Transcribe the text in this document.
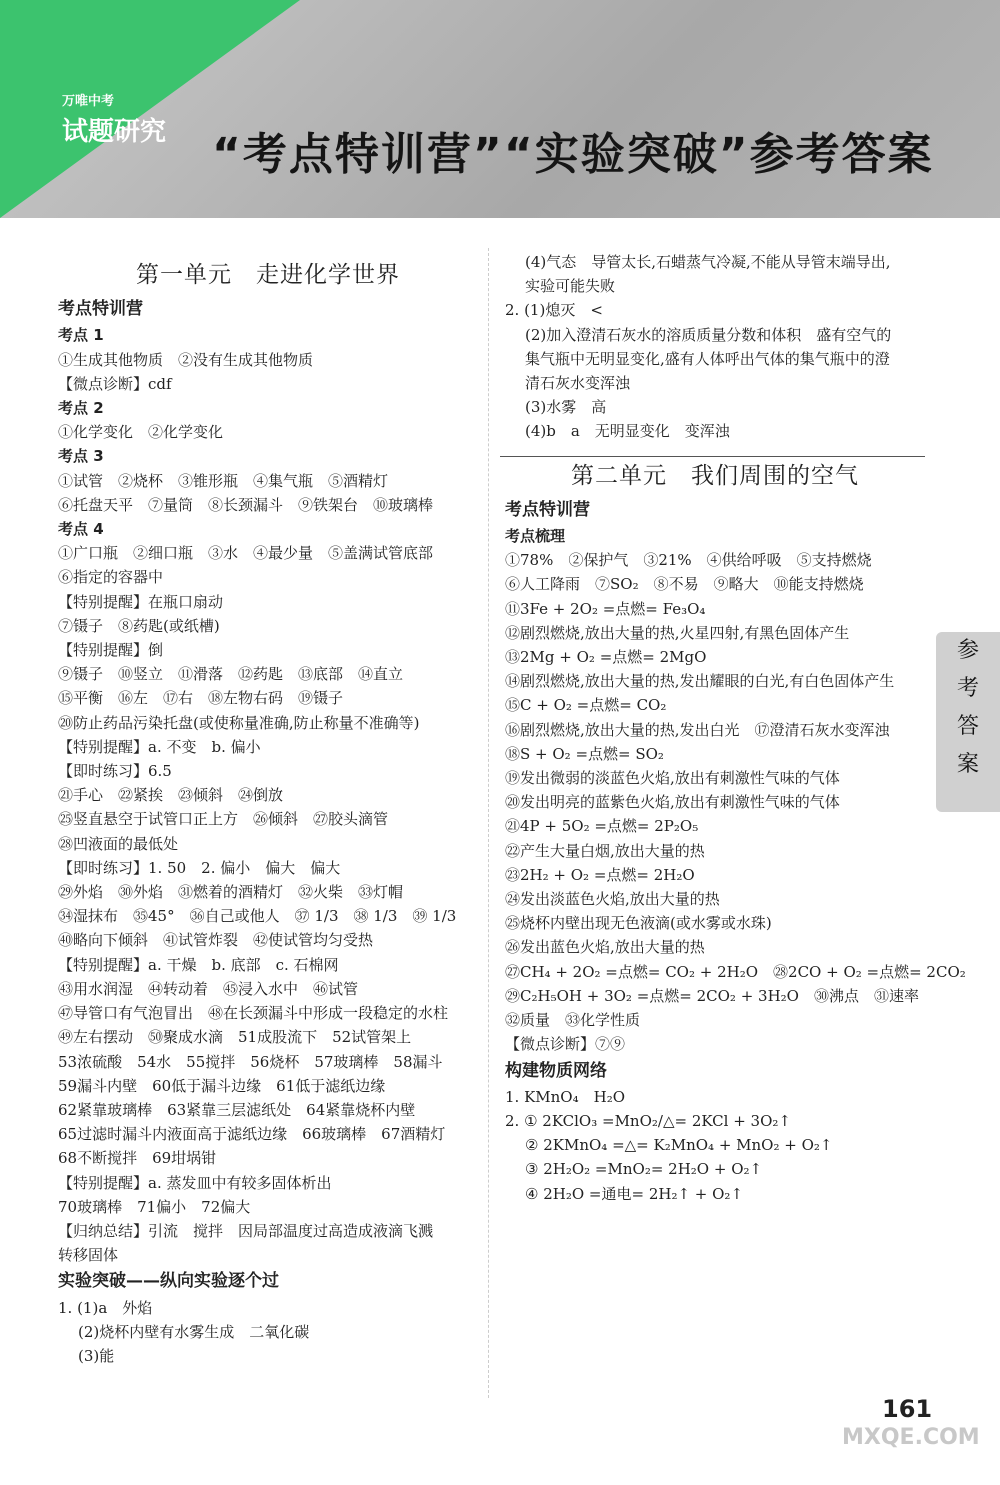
万唯中考
试题研究 “考点特训营”“实验突破”参考答案
第一单元　走进化学世界
考点特训营
考点 1
①生成其他物质　②没有生成其他物质
【微点诊断】cdf
考点 2
①化学变化　②化学变化
考点 3
①试管　②烧杯　③锥形瓶　④集气瓶　⑤酒精灯
⑥托盘天平　⑦量筒　⑧长颈漏斗　⑨铁架台　⑩玻璃棒
考点 4
①广口瓶　②细口瓶　③水　④最少量　⑤盖满试管底部
⑥指定的容器中
【特别提醒】在瓶口扇动
⑦镊子　⑧药匙(或纸槽)
【特别提醒】倒
⑨镊子　⑩竖立　⑪滑落　⑫药匙　⑬底部　⑭直立
⑮平衡　⑯左　⑰右　⑱左物右码　⑲镊子
⑳防止药品污染托盘(或使称量准确,防止称量不准确等)
【特别提醒】a. 不变　b. 偏小
【即时练习】6.5
㉑手心　㉒紧挨　㉓倾斜　㉔倒放
㉕竖直悬空于试管口正上方　㉖倾斜　㉗胶头滴管
㉘凹液面的最低处
【即时练习】1. 50　2. 偏小　偏大　偏大
㉙外焰　㉚外焰　㉛燃着的酒精灯　㉜火柴　㉝灯帽
㉞湿抹布　㉟45°　㊱自己或他人　㊲ 1/3　㊳ 1/3　㊴ 1/3
㊵略向下倾斜　㊶试管炸裂　㊷使试管均匀受热
【特别提醒】a. 干燥　b. 底部　c. 石棉网
㊸用水润湿　㊹转动着　㊺浸入水中　㊻试管
㊼导管口有气泡冒出　㊽在长颈漏斗中形成一段稳定的水柱
㊾左右摆动　㊿聚成水滴　51成股流下　52试管架上
53浓硫酸　54水　55搅拌　56烧杯　57玻璃棒　58漏斗
59漏斗内壁　60低于漏斗边缘　61低于滤纸边缘
62紧靠玻璃棒　63紧靠三层滤纸处　64紧靠烧杯内壁
65过滤时漏斗内液面高于滤纸边缘　66玻璃棒　67酒精灯
68不断搅拌　69坩埚钳
【特别提醒】a. 蒸发皿中有较多固体析出
70玻璃棒　71偏小　72偏大
【归纳总结】引流　搅拌　因局部温度过高造成液滴飞溅
转移固体
实验突破——纵向实验逐个过
1. (1)a　外焰
(2)烧杯内壁有水雾生成　二氧化碳
(3)能
(4)气态　导管太长,石蜡蒸气冷凝,不能从导管末端导出,
实验可能失败
2. (1)熄灭　<
(2)加入澄清石灰水的溶质质量分数和体积　盛有空气的
集气瓶中无明显变化,盛有人体呼出气体的集气瓶中的澄
清石灰水变浑浊
(3)水雾　高
(4)b　a　无明显变化　变浑浊
第二单元　我们周围的空气
考点特训营
考点梳理
①78%　②保护气　③21%　④供给呼吸　⑤支持燃烧
⑥人工降雨　⑦SO₂　⑧不易　⑨略大　⑩能支持燃烧
⑪3Fe + 2O₂ =点燃= Fe₃O₄
⑫剧烈燃烧,放出大量的热,火星四射,有黑色固体产生
⑬2Mg + O₂ =点燃= 2MgO
⑭剧烈燃烧,放出大量的热,发出耀眼的白光,有白色固体产生
⑮C + O₂ =点燃= CO₂
⑯剧烈燃烧,放出大量的热,发出白光　⑰澄清石灰水变浑浊
⑱S + O₂ =点燃= SO₂
⑲发出微弱的淡蓝色火焰,放出有刺激性气味的气体
⑳发出明亮的蓝紫色火焰,放出有刺激性气味的气体
㉑4P + 5O₂ =点燃= 2P₂O₅
㉒产生大量白烟,放出大量的热
㉓2H₂ + O₂ =点燃= 2H₂O
㉔发出淡蓝色火焰,放出大量的热
㉕烧杯内壁出现无色液滴(或水雾或水珠)
㉖发出蓝色火焰,放出大量的热
㉗CH₄ + 2O₂ =点燃= CO₂ + 2H₂O　㉘2CO + O₂ =点燃= 2CO₂
㉙C₂H₅OH + 3O₂ =点燃= 2CO₂ + 3H₂O　㉚沸点　㉛速率
㉜质量　㉝化学性质
【微点诊断】⑦⑨
构建物质网络
1. KMnO₄　H₂O
2. ① 2KClO₃ =MnO₂/△= 2KCl + 3O₂↑
② 2KMnO₄ =△= K₂MnO₄ + MnO₂ + O₂↑
③ 2H₂O₂ =MnO₂= 2H₂O + O₂↑
④ 2H₂O =通电= 2H₂↑ + O₂↑
参
考
答
案
161
MXQE.COM
